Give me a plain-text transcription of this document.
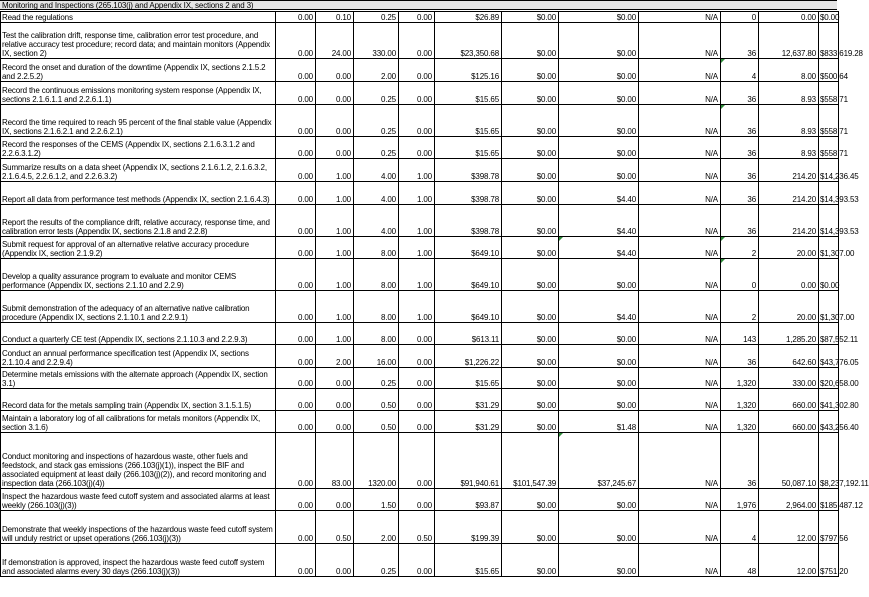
Monitoring and Inspections (265.103(j) and Appendix IX, sections 2 and 3)
Read the regulations	0.00	0.10	0.25	0.00	$26.89	$0.00	$0.00	N/A	0	0.00	$0.00
Test the calibration drift, response time, calibration error test procedure, and relative accuracy test procedure; record data; and maintain monitors (Appendix IX, section 2)	0.00	24.00	330.00	0.00	$23,350.68	$0.00	$0.00	N/A	36	12,637.80	$833,619.28
Record the onset and duration of the downtime (Appendix IX, sections 2.1.5.2 and 2.2.5.2)	0.00	0.00	2.00	0.00	$125.16	$0.00	$0.00	N/A	4	8.00	$500.64
Record the continuous emissions monitoring system response (Appendix IX, sections 2.1.6.1.1 and 2.2.6.1.1)	0.00	0.00	0.25	0.00	$15.65	$0.00	$0.00	N/A	36	8.93	$558.71
Record the time required to reach 95 percent of the final stable value (Appendix IX, sections 2.1.6.2.1 and 2.2.6.2.1)	0.00	0.00	0.25	0.00	$15.65	$0.00	$0.00	N/A	36	8.93	$558.71
Record the responses of the CEMS (Appendix IX, sections 2.1.6.3.1.2 and 2.2.6.3.1.2)	0.00	0.00	0.25	0.00	$15.65	$0.00	$0.00	N/A	36	8.93	$558.71
Summarize results on a data sheet (Appendix IX, sections 2.1.6.1.2, 2.1.6.3.2, 2.1.6.4.5, 2.2.6.1.2, and 2.2.6.3.2)	0.00	1.00	4.00	1.00	$398.78	$0.00	$0.00	N/A	36	214.20	$14,236.45
Report all data from performance test methods (Appendix IX, section 2.1.6.4.3)	0.00	1.00	4.00	1.00	$398.78	$0.00	$4.40	N/A	36	214.20	$14,393.53
Report the results of the compliance drift, relative accuracy, response time, and calibration error tests (Appendix IX, sections 2.1.8 and 2.2.8)	0.00	1.00	4.00	1.00	$398.78	$0.00	$4.40	N/A	36	214.20	$14,393.53
Submit request for approval of an alternative relative accuracy procedure (Appendix IX, section 2.1.9.2)	0.00	1.00	8.00	1.00	$649.10	$0.00	$4.40	N/A	2	20.00	$1,307.00
Develop a quality assurance program to evaluate and monitor CEMS performance (Appendix IX, sections 2.1.10 and 2.2.9)	0.00	1.00	8.00	1.00	$649.10	$0.00	$0.00	N/A	0	0.00	$0.00
Submit demonstration of the adequacy of an alternative native calibration procedure (Appendix IX, sections 2.1.10.1 and 2.2.9.1)	0.00	1.00	8.00	1.00	$649.10	$0.00	$4.40	N/A	2	20.00	$1,307.00
Conduct a quarterly CE test (Appendix IX, sections 2.1.10.3 and 2.2.9.3)	0.00	1.00	8.00	0.00	$613.11	$0.00	$0.00	N/A	143	1,285.20	$87,552.11
Conduct an annual performance specification test (Appendix IX, sections 2.1.10.4 and 2.2.9.4)	0.00	2.00	16.00	0.00	$1,226.22	$0.00	$0.00	N/A	36	642.60	$43,776.05
Determine metals emissions with the alternate approach (Appendix IX, section 3.1)	0.00	0.00	0.25	0.00	$15.65	$0.00	$0.00	N/A	1,320	330.00	$20,658.00
Record data for the metals sampling train (Appendix IX, section 3.1.5.1.5)	0.00	0.00	0.50	0.00	$31.29	$0.00	$0.00	N/A	1,320	660.00	$41,302.80
Maintain a laboratory log of all calibrations for metals monitors (Appendix IX, section 3.1.6)	0.00	0.00	0.50	0.00	$31.29	$0.00	$1.48	N/A	1,320	660.00	$43,256.40
Conduct monitoring and inspections of hazardous waste, other fuels and feedstock, and stack gas emissions (266.103(j)(1)), inspect the BIF and associated equipment at least daily (266.103(j)(2)), and record monitoring and inspection data (266.103(j)(4))	0.00	83.00	1320.00	0.00	$91,940.61	$101,547.39	$37,245.67	N/A	36	50,087.10	$8,237,192.11
Inspect the hazardous waste feed cutoff system and associated alarms at least weekly (266.103(j)(3))	0.00	0.00	1.50	0.00	$93.87	$0.00	$0.00	N/A	1,976	2,964.00	$185,487.12
Demonstrate that weekly inspections of the hazardous waste feed cutoff system will unduly restrict or upset operations (266.103(j)(3))	0.00	0.50	2.00	0.50	$199.39	$0.00	$0.00	N/A	4	12.00	$797.56
If demonstration is approved, inspect the hazardous waste feed cutoff system and associated alarms every 30 days (266.103(j)(3))	0.00	0.00	0.25	0.00	$15.65	$0.00	$0.00	N/A	48	12.00	$751.20
